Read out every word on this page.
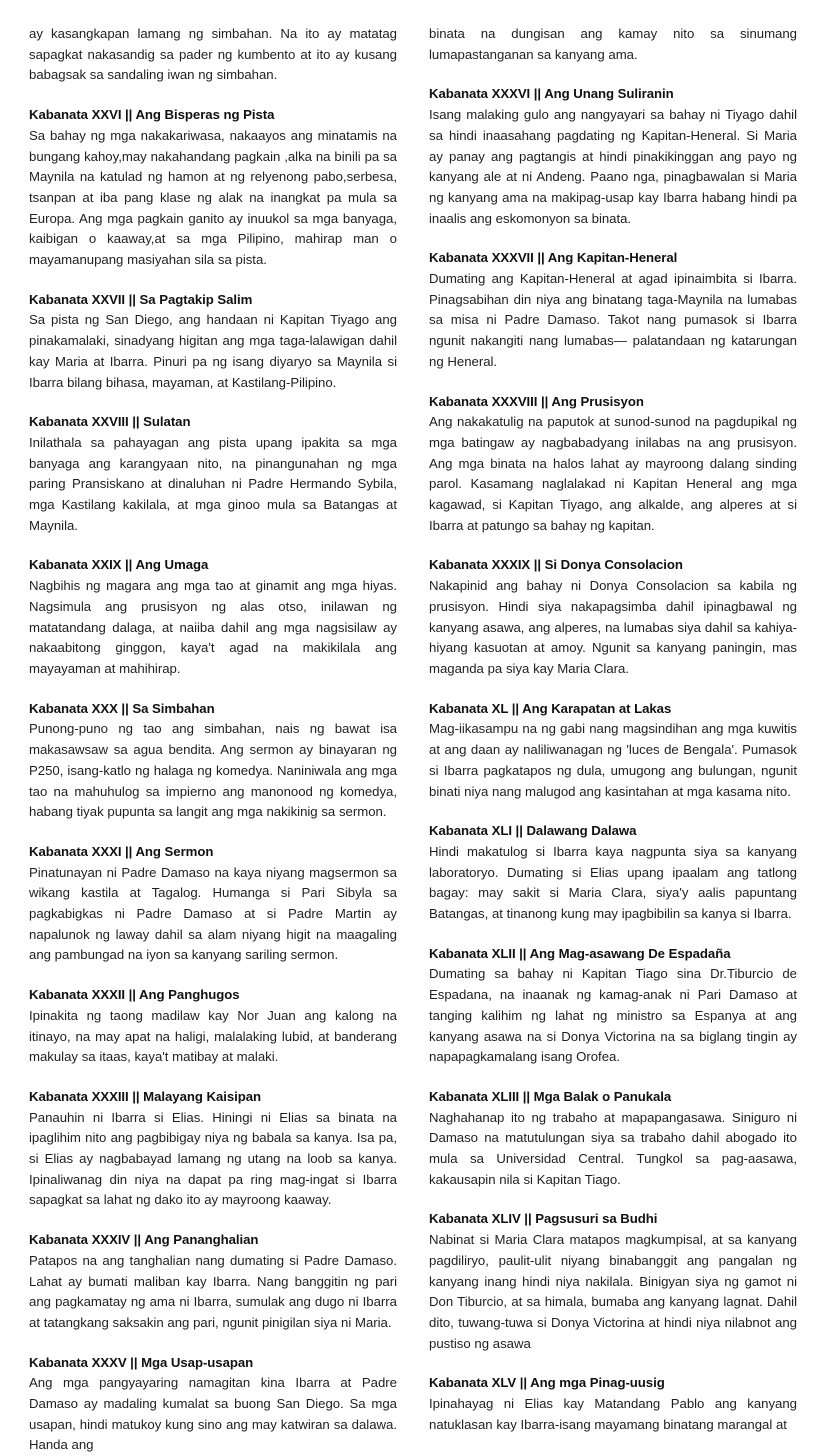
ay kasangkapan lamang ng simbahan. Na ito ay matatag sapagkat nakasandig sa pader ng kumbento at ito ay kusang babagsak sa sandaling iwan ng simbahan.

Kabanata XXVI || Ang Bisperas ng Pista

Sa bahay ng mga nakakariwasa, nakaayos ang minatamis na bungang kahoy,may nakahandang pagkain ,alka na binili pa sa Maynila na katulad ng hamon at ng relyenong pabo,serbesa, tsanpan at iba pang klase ng alak na inangkat pa mula sa Europa. Ang mga pagkain ganito ay inuukol sa mga banyaga, kaibigan o kaaway,at sa mga Pilipino, mahirap man o mayamanupang masiyahan sila sa pista.

Kabanata XXVII || Sa Pagtakip Salim

Sa pista ng San Diego, ang handaan ni Kapitan Tiyago ang pinakamalaki, sinadyang higitan ang mga taga-lalawigan dahil kay Maria at Ibarra. Pinuri pa ng isang diyaryo sa Maynila si Ibarra bilang bihasa, mayaman, at Kastilang-Pilipino.

Kabanata XXVIII || Sulatan

Inilathala sa pahayagan ang pista upang ipakita sa mga banyaga ang karangyaan nito, na pinangunahan ng mga paring Pransiskano at dinaluhan ni Padre Hermando Sybila, mga Kastilang kakilala, at mga ginoo mula sa Batangas at Maynila.

Kabanata XXIX || Ang Umaga

Nagbihis ng magara ang mga tao at ginamit ang mga hiyas. Nagsimula ang prusisyon ng alas otso, inilawan ng matatandang dalaga, at naiiba dahil ang mga nagsisilaw ay nakaabitong ginggon, kaya't agad na makikilala ang mayayaman at mahihirap.

Kabanata XXX || Sa Simbahan

Punong-puno ng tao ang simbahan, nais ng bawat isa makasawsaw sa agua bendita. Ang sermon ay binayaran ng P250, isang-katlo ng halaga ng komedya. Naniniwala ang mga tao na mahuhulog sa impierno ang manonood ng komedya, habang tiyak pupunta sa langit ang mga nakikinig sa sermon.

Kabanata XXXI || Ang Sermon

Pinatunayan ni Padre Damaso na kaya niyang magsermon sa wikang kastila at Tagalog. Humanga si Pari Sibyla sa pagkabigkas ni Padre Damaso at si Padre Martin ay napalunok ng laway dahil sa alam niyang higit na maagaling ang pambungad na iyon sa kanyang sariling sermon.

Kabanata XXXII || Ang Panghugos

Ipinakita ng taong madilaw kay Nor Juan ang kalong na itinayo, na may apat na haligi, malalaking lubid, at banderang makulay sa itaas, kaya't matibay at malaki.

Kabanata XXXIII || Malayang Kaisipan

Panauhin ni Ibarra si Elias. Hiningi ni Elias sa binata na ipaglihim nito ang pagbibigay niya ng babala sa kanya. Isa pa, si Elias ay nagbabayad lamang ng utang na loob sa kanya. Ipinaliwanag din niya na dapat pa ring mag-ingat si Ibarra sapagkat sa lahat ng dako ito ay mayroong kaaway.

Kabanata XXXIV || Ang Pananghalian

Patapos na ang tanghalian nang dumating si Padre Damaso. Lahat ay bumati maliban kay Ibarra. Nang banggitin ng pari ang pagkamatay ng ama ni Ibarra, sumulak ang dugo ni Ibarra at tatangkang saksakin ang pari, ngunit pinigilan siya ni Maria.

Kabanata XXXV || Mga Usap-usapan

Ang mga pangyayaring namagitan kina Ibarra at Padre Damaso ay madaling kumalat sa buong San Diego. Sa mga usapan, hindi matukoy kung sino ang may katwiran sa dalawa. Handa ang

binata na dungisan ang kamay nito sa sinumang lumapastanganan sa kanyang ama.

Kabanata XXXVI || Ang Unang Suliranin

Isang malaking gulo ang nangyayari sa bahay ni Tiyago dahil sa hindi inaasahang pagdating ng Kapitan-Heneral. Si Maria ay panay ang pagtangis at hindi pinakikinggan ang payo ng kanyang ale at ni Andeng. Paano nga, pinagbawalan si Maria ng kanyang ama na makipag-usap kay Ibarra habang hindi pa inaalis ang eskomonyon sa binata.

Kabanata XXXVII || Ang Kapitan-Heneral

Dumating ang Kapitan-Heneral at agad ipinaimbita si Ibarra. Pinagsabihan din niya ang binatang taga-Maynila na lumabas sa misa ni Padre Damaso. Takot nang pumasok si Ibarra ngunit nakangiti nang lumabas— palatandaan ng katarungan ng Heneral.

Kabanata XXXVIII || Ang Prusisyon

Ang nakakatulig na paputok at sunod-sunod na pagdupikal ng mga batingaw ay nagbabadyang inilabas na ang prusisyon. Ang mga binata na halos lahat ay mayroong dalang sinding parol. Kasamang naglalakad ni Kapitan Heneral ang mga kagawad, si Kapitan Tiyago, ang alkalde, ang alperes at si Ibarra at patungo sa bahay ng kapitan.

Kabanata XXXIX || Si Donya Consolacion

Nakapinid ang bahay ni Donya Consolacion sa kabila ng prusisyon. Hindi siya nakapagsimba dahil ipinagbawal ng kanyang asawa, ang alperes, na lumabas siya dahil sa kahiya-hiyang kasuotan at amoy. Ngunit sa kanyang paningin, mas maganda pa siya kay Maria Clara.

Kabanata XL || Ang Karapatan at Lakas

Mag-iikasampu na ng gabi nang magsindihan ang mga kuwitis at ang daan ay naliliwanagan ng 'luces de Bengala'. Pumasok si Ibarra pagkatapos ng dula, umugong ang bulungan, ngunit binati niya nang malugod ang kasintahan at mga kasama nito.

Kabanata XLI || Dalawang Dalawa

Hindi makatulog si Ibarra kaya nagpunta siya sa kanyang laboratoryo. Dumating si Elias upang ipaalam ang tatlong bagay: may sakit si Maria Clara, siya'y aalis papuntang Batangas, at tinanong kung may ipagbibilin sa kanya si Ibarra.

Kabanata XLII || Ang Mag-asawang De Espadaña

Dumating sa bahay ni Kapitan Tiago sina Dr.Tiburcio de Espadana, na inaanak ng kamag-anak ni Pari Damaso at tanging kalihim ng lahat ng ministro sa Espanya at ang kanyang asawa na si Donya Victorina na sa biglang tingin ay napapagkamalang isang Orofea.

Kabanata XLIII || Mga Balak o Panukala

Naghahanap ito ng trabaho at mapapangasawa. Siniguro ni Damaso na matutulungan siya sa trabaho dahil abogado ito mula sa Universidad Central. Tungkol sa pag-aasawa, kakausapin nila si Kapitan Tiago.

Kabanata XLIV || Pagsusuri sa Budhi

Nabinat si Maria Clara matapos magkumpisal, at sa kanyang pagdiliryo, paulit-ulit niyang binabanggit ang pangalan ng kanyang inang hindi niya nakilala. Binigyan siya ng gamot ni Don Tiburcio, at sa himala, bumaba ang kanyang lagnat. Dahil dito, tuwang-tuwa si Donya Victorina at hindi niya nilabnot ang pustiso ng asawa

Kabanata XLV || Ang mga Pinag-uusig

Ipinahayag ni Elias kay Matandang Pablo ang kanyang natuklasan kay Ibarra-isang mayamang binatang marangal at
